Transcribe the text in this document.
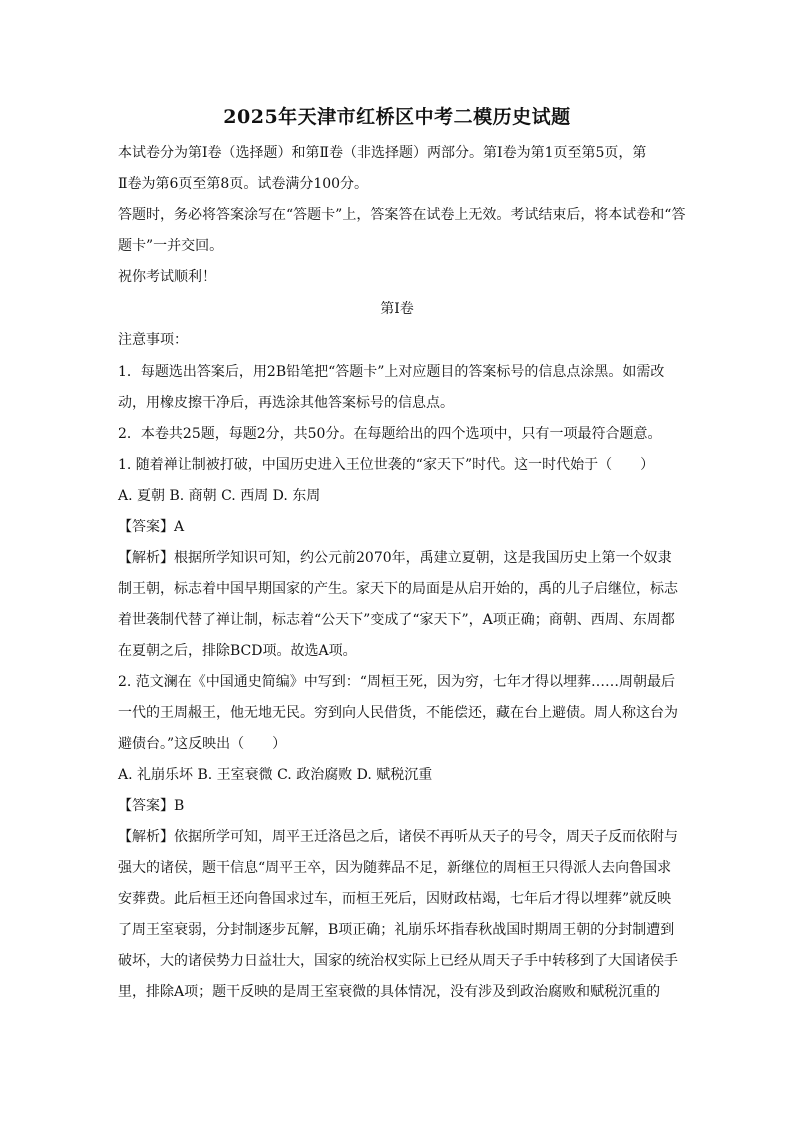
2025年天津市红桥区中考二模历史试题
本试卷分为第Ⅰ卷（选择题）和第Ⅱ卷（非选择题）两部分。第Ⅰ卷为第1页至第5页，第
Ⅱ卷为第6页至第8页。试卷满分100分。
答题时，务必将答案涂写在“答题卡”上，答案答在试卷上无效。考试结束后，将本试卷和“答
题卡”一并交回。
祝你考试顺利！
第Ⅰ卷
注意事项：
1．每题选出答案后，用2B铅笔把“答题卡”上对应题目的答案标号的信息点涂黑。如需改
动，用橡皮擦干净后，再选涂其他答案标号的信息点。
2．本卷共25题，每题2分，共50分。在每题给出的四个选项中，只有一项最符合题意。
1. 随着禅让制被打破，中国历史进入王位世袭的“家天下”时代。这一时代始于（　　）
A. 夏朝 B. 商朝 C. 西周 D. 东周
【答案】A
【解析】根据所学知识可知，约公元前2070年，禹建立夏朝，这是我国历史上第一个奴隶
制王朝，标志着中国早期国家的产生。家天下的局面是从启开始的，禹的儿子启继位，标志
着世袭制代替了禅让制，标志着“公天下”变成了“家天下”，A项正确；商朝、西周、东周都
在夏朝之后，排除BCD项。故选A项。
2. 范文澜在《中国通史简编》中写到：“周桓王死，因为穷，七年才得以埋葬……周朝最后
一代的王周赧王，他无地无民。穷到向人民借货，不能偿还，藏在台上避债。周人称这台为
避债台。”这反映出（　　）
A. 礼崩乐坏 B. 王室衰微 C. 政治腐败 D. 赋税沉重
【答案】B
【解析】依据所学可知，周平王迁洛邑之后，诸侯不再听从天子的号令，周天子反而依附与
强大的诸侯，题干信息“周平王卒，因为随葬品不足，新继位的周桓王只得派人去向鲁国求
安葬费。此后桓王还向鲁国求过车，而桓王死后，因财政枯竭，七年后才得以埋葬”就反映
了周王室衰弱，分封制逐步瓦解，B项正确；礼崩乐坏指春秋战国时期周王朝的分封制遭到
破坏，大的诸侯势力日益壮大，国家的统治权实际上已经从周天子手中转移到了大国诸侯手
里，排除A项；题干反映的是周王室衰微的具体情况，没有涉及到政治腐败和赋税沉重的
